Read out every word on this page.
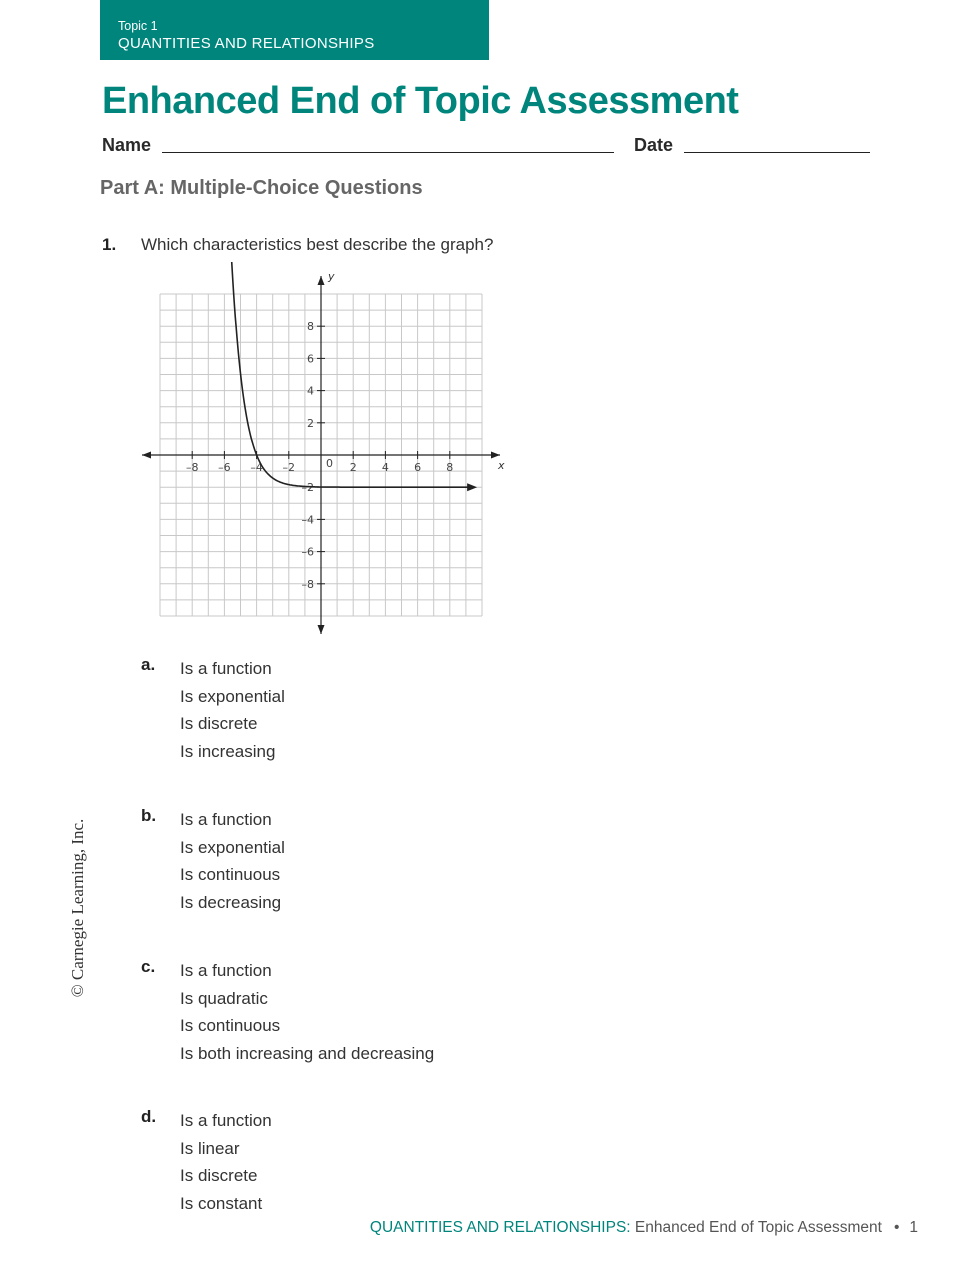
Topic 1
QUANTITIES AND RELATIONSHIPS
Enhanced End of Topic Assessment
Name	Date
Part A: Multiple-Choice Questions
1. Which characteristics best describe the graph?
–8 –6 –4 –2	2 4 6 8
8
6
4
2
–2
–4
–6
–8
x
y
0
a. Is a function
Is exponential
Is discrete
Is increasing
b. Is a function
Is exponential
Is continuous
Is decreasing
c. Is a function
Is quadratic
Is continuous
Is both increasing and decreasing
d. Is a function
Is linear
Is discrete
Is constant
© Carnegie Learning, Inc.
QUANTITIES AND RELATIONSHIPS: Enhanced End of Topic Assessment • 1
